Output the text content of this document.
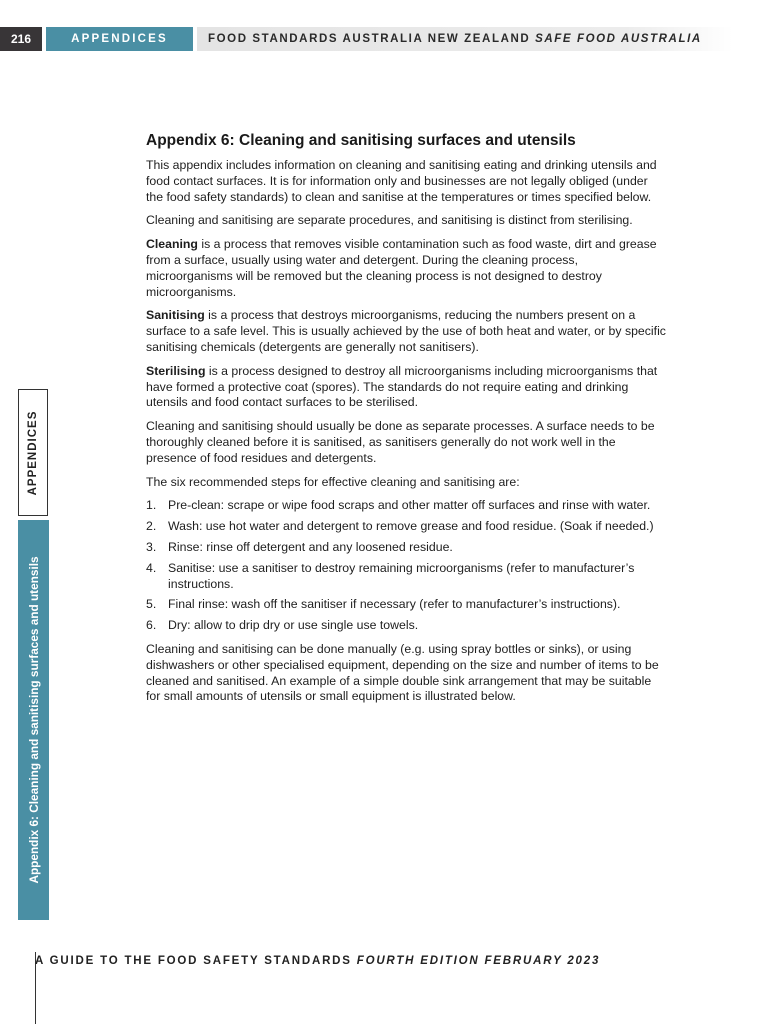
216	APPENDICES	FOOD STANDARDS AUSTRALIA NEW ZEALAND SAFE FOOD AUSTRALIA
APPENDICES
Appendix 6: Cleaning and sanitising surfaces and utensils
Appendix 6: Cleaning and sanitising surfaces and utensils

This appendix includes information on cleaning and sanitising eating and drinking utensils and food contact surfaces. It is for information only and businesses are not legally obliged (under the food safety standards) to clean and sanitise at the temperatures or times specified below.

Cleaning and sanitising are separate procedures, and sanitising is distinct from sterilising.

Cleaning is a process that removes visible contamination such as food waste, dirt and grease from a surface, usually using water and detergent. During the cleaning process, microorganisms will be removed but the cleaning process is not designed to destroy microorganisms.

Sanitising is a process that destroys microorganisms, reducing the numbers present on a surface to a safe level. This is usually achieved by the use of both heat and water, or by specific sanitising chemicals (detergents are generally not sanitisers).

Sterilising is a process designed to destroy all microorganisms including microorganisms that have formed a protective coat (spores). The standards do not require eating and drinking utensils and food contact surfaces to be sterilised.

Cleaning and sanitising should usually be done as separate processes. A surface needs to be thoroughly cleaned before it is sanitised, as sanitisers generally do not work well in the presence of food residues and detergents.

The six recommended steps for effective cleaning and sanitising are:

1. Pre-clean: scrape or wipe food scraps and other matter off surfaces and rinse with water.
2. Wash: use hot water and detergent to remove grease and food residue. (Soak if needed.)
3. Rinse: rinse off detergent and any loosened residue.
4. Sanitise: use a sanitiser to destroy remaining microorganisms (refer to manufacturer’s instructions.
5. Final rinse: wash off the sanitiser if necessary (refer to manufacturer’s instructions).
6. Dry: allow to drip dry or use single use towels.

Cleaning and sanitising can be done manually (e.g. using spray bottles or sinks), or using dishwashers or other specialised equipment, depending on the size and number of items to be cleaned and sanitised. An example of a simple double sink arrangement that may be suitable for small amounts of utensils or small equipment is illustrated below.

A GUIDE TO THE FOOD SAFETY STANDARDS FOURTH EDITION FEBRUARY 2023
